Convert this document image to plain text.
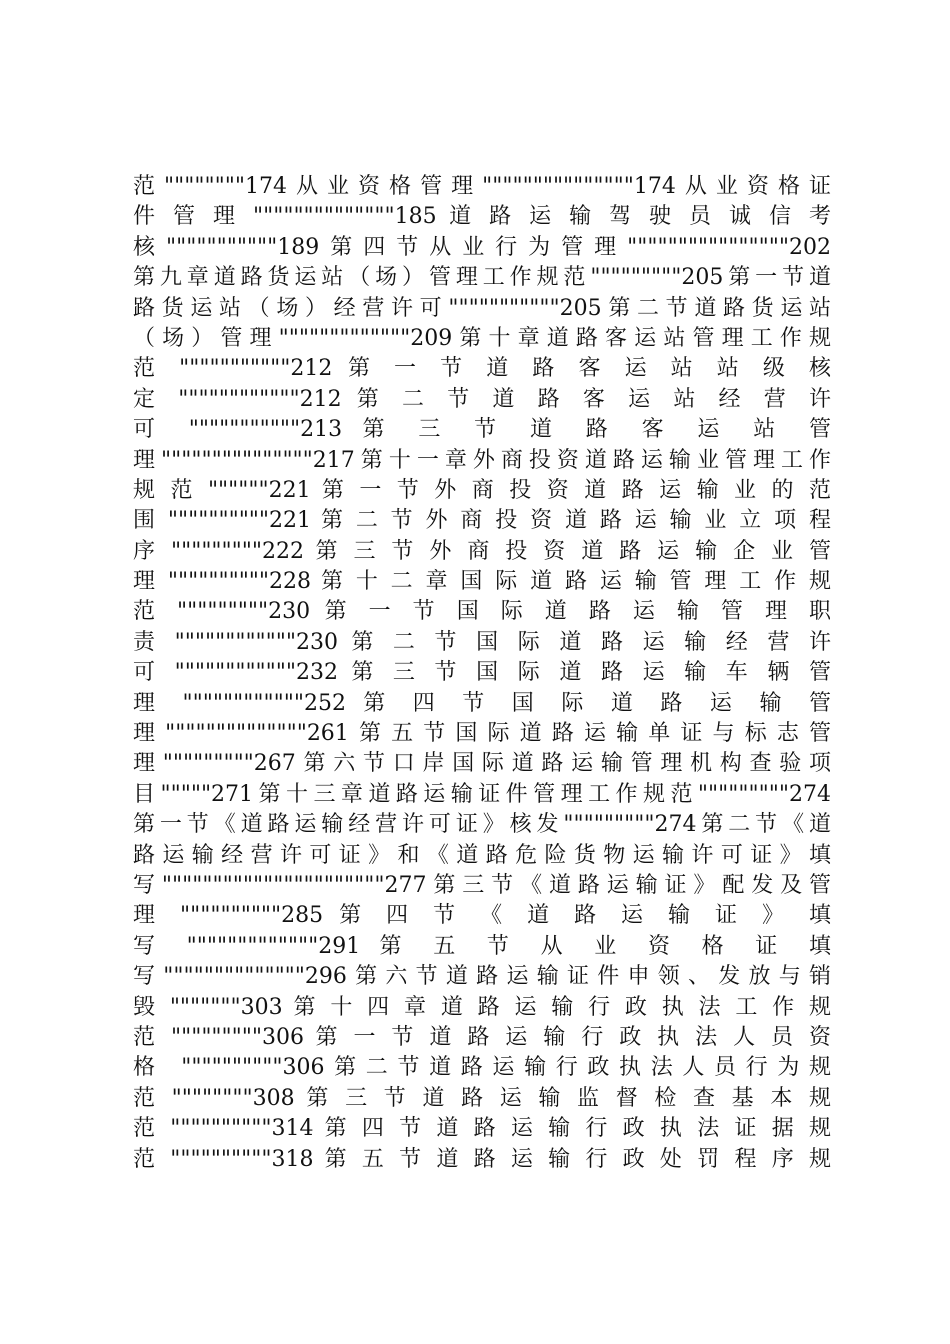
范""""""""174从业资格管理"""""""""""""""174从业资格证
件 管 理 """"""""""""""185 道 路 运 输 驾 驶 员 诚 信 考
核"""""""""""189第四节从业行为管理""""""""""""""""202
第九章道路货运站（场）管理工作规范"""""""""205第一节道
路货运站（场）经营许可"""""""""""205第二节道路货运站
（场）管理"""""""""""""209第十章道路客运站管理工作规
范 """""""""""212 第 一 节 道 路 客 运 站 站 级 核
定 """"""""""""212 第 二 节 道 路 客 运 站 经 营 许
可 """""""""""213 第 三 节 道 路 客 运 站 管
理"""""""""""""""217第十一章外商投资道路运输业管理工作
规 范 """"""221 第 一 节 外 商 投 资 道 路 运 输 业 的 范
围 """"""""""221 第 二 节 外 商 投 资 道 路 运 输 业 立 项 程
序 """""""""222 第 三 节 外 商 投 资 道 路 运 输 企 业 管
理 """"""""""228 第 十 二 章 国 际 道 路 运 输 管 理 工 作 规
范 """""""""230 第 一 节 国 际 道 路 运 输 管 理 职
责 """"""""""""230 第 二 节 国 际 道 路 运 输 经 营 许
可 """"""""""""232 第 三 节 国 际 道 路 运 输 车 辆 管
理 """"""""""""252 第 四 节 国 际 道 路 运 输 管
理""""""""""""""261第五节国际道路运输单证与标志管
理"""""""""267第六节口岸国际道路运输管理机构查验项
目"""""271第十三章道路运输证件管理工作规范"""""""""274
第一节《道路运输经营许可证》核发"""""""""274第二节《道
路运输经营许可证》和《道路危险货物运输许可证》填
写""""""""""""""""""""""277第三节《道路运输证》配发及管
理 """"""""""285 第 四 节 《 道 路 运 输 证 》 填
写 """""""""""""291 第 五 节 从 业 资 格 证 填
写""""""""""""""296第六节道路运输证件申领、发放与销
毁 """""""303 第 十 四 章 道 路 运 输 行 政 执 法 工 作 规
范 """""""""306 第 一 节 道 路 运 输 行 政 执 法 人 员 资
格 """"""""""306第二节道路运输行政执法人员行为规
范 """"""""308 第 三 节 道 路 运 输 监 督 检 查 基 本 规
范 """"""""""314 第 四 节 道 路 运 输 行 政 执 法 证 据 规
范 """"""""""318 第 五 节 道 路 运 输 行 政 处 罚 程 序 规
